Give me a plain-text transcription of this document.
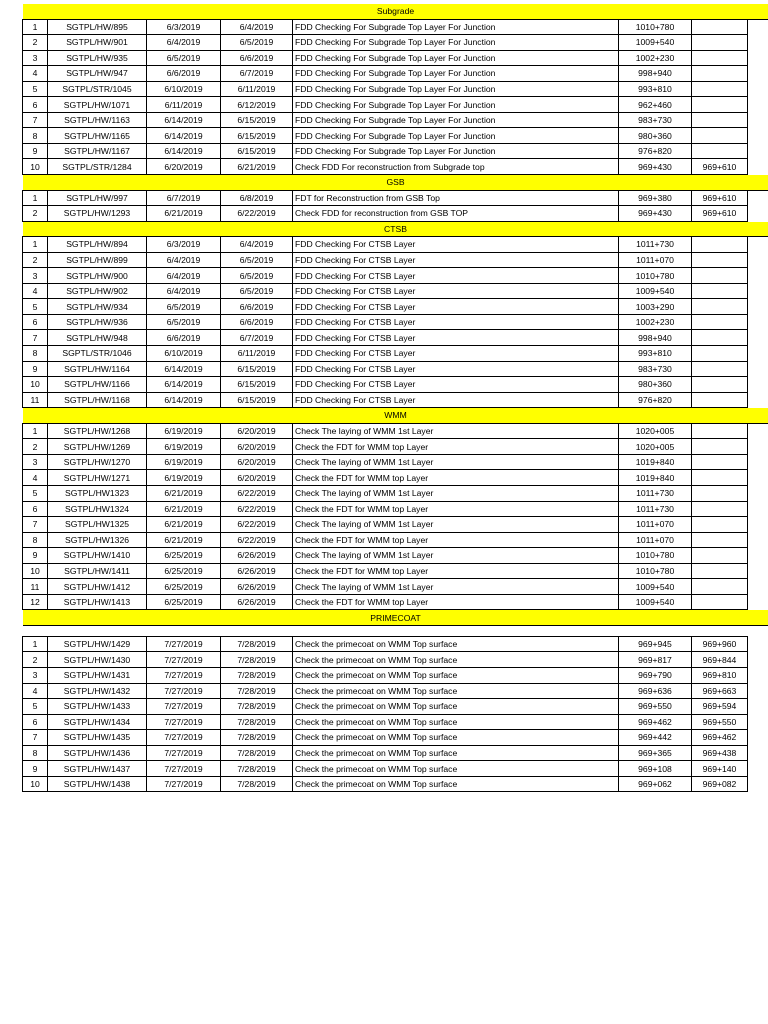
Subgrade							
1	SGTPL/HW/895	6/3/2019	6/4/2019	FDD Checking For Subgrade Top Layer For Junction	1010+780		
2	SGTPL/HW/901	6/4/2019	6/5/2019	FDD Checking For Subgrade Top Layer For Junction	1009+540		
3	SGTPL/HW/935	6/5/2019	6/6/2019	FDD Checking For Subgrade Top Layer For Junction	1002+230		
4	SGTPL/HW/947	6/6/2019	6/7/2019	FDD Checking For Subgrade Top Layer For Junction	998+940		
5	SGTPL/STR/1045	6/10/2019	6/11/2019	FDD Checking For Subgrade Top Layer For Junction	993+810		
6	SGTPL/HW/1071	6/11/2019	6/12/2019	FDD Checking For Subgrade Top Layer For Junction	962+460		
7	SGTPL/HW/1163	6/14/2019	6/15/2019	FDD Checking For Subgrade Top Layer For Junction	983+730		
8	SGTPL/HW/1165	6/14/2019	6/15/2019	FDD Checking For Subgrade Top Layer For Junction	980+360		
9	SGTPL/HW/1167	6/14/2019	6/15/2019	FDD Checking For Subgrade Top Layer For Junction	976+820		
10	SGTPL/STR/1284	6/20/2019	6/21/2019	Check FDD For reconstruction from Subgrade top	969+430	969+610	
GSB							
1	SGTPL/HW/997	6/7/2019	6/8/2019	FDT for Reconstruction from GSB Top	969+380	969+610	
2	SGTPL/HW/1293	6/21/2019	6/22/2019	Check FDD for reconstruction from GSB TOP	969+430	969+610	
CTSB							
1	SGTPL/HW/894	6/3/2019	6/4/2019	FDD Checking For CTSB Layer	1011+730		
2	SGTPL/HW/899	6/4/2019	6/5/2019	FDD Checking For CTSB Layer	1011+070		
3	SGTPL/HW/900	6/4/2019	6/5/2019	FDD Checking For CTSB Layer	1010+780		
4	SGTPL/HW/902	6/4/2019	6/5/2019	FDD Checking For CTSB Layer	1009+540		
5	SGTPL/HW/934	6/5/2019	6/6/2019	FDD Checking For CTSB Layer	1003+290		
6	SGTPL/HW/936	6/5/2019	6/6/2019	FDD Checking For CTSB Layer	1002+230		
7	SGTPL/HW/948	6/6/2019	6/7/2019	FDD Checking For CTSB Layer	998+940		
8	SGPTL/STR/1046	6/10/2019	6/11/2019	FDD Checking For CTSB Layer	993+810		
9	SGTPL/HW/1164	6/14/2019	6/15/2019	FDD Checking For CTSB Layer	983+730		
10	SGTPL/HW/1166	6/14/2019	6/15/2019	FDD Checking For CTSB Layer	980+360		
11	SGTPL/HW/1168	6/14/2019	6/15/2019	FDD Checking For CTSB Layer	976+820		
WMM							
1	SGTPL/HW/1268	6/19/2019	6/20/2019	Check The laying of WMM 1st Layer	1020+005		
2	SGTPL/HW/1269	6/19/2019	6/20/2019	Check the FDT for WMM top Layer	1020+005		
3	SGTPL/HW/1270	6/19/2019	6/20/2019	Check The laying of WMM 1st Layer	1019+840		
4	SGTPL/HW/1271	6/19/2019	6/20/2019	Check the FDT for WMM top Layer	1019+840		
5	SGTPL/HW1323	6/21/2019	6/22/2019	Check The laying of WMM 1st Layer	1011+730		
6	SGTPL/HW1324	6/21/2019	6/22/2019	Check the FDT for WMM top Layer	1011+730		
7	SGTPL/HW1325	6/21/2019	6/22/2019	Check The laying of WMM 1st Layer	1011+070		
8	SGTPL/HW1326	6/21/2019	6/22/2019	Check the FDT for WMM top Layer	1011+070		
9	SGTPL/HW/1410	6/25/2019	6/26/2019	Check The laying of WMM 1st Layer	1010+780		
10	SGTPL/HW/1411	6/25/2019	6/26/2019	Check the FDT for WMM top Layer	1010+780		
11	SGTPL/HW/1412	6/25/2019	6/26/2019	Check The laying of WMM 1st Layer	1009+540		
12	SGTPL/HW/1413	6/25/2019	6/26/2019	Check the FDT for WMM top Layer	1009+540		
PRIMECOAT							

1	SGTPL/HW/1429	7/27/2019	7/28/2019	Check the primecoat on WMM Top surface	969+945	969+960	
2	SGTPL/HW/1430	7/27/2019	7/28/2019	Check the primecoat on WMM Top surface	969+817	969+844	
3	SGTPL/HW/1431	7/27/2019	7/28/2019	Check the primecoat on WMM Top surface	969+790	969+810	
4	SGTPL/HW/1432	7/27/2019	7/28/2019	Check the primecoat on WMM Top surface	969+636	969+663	
5	SGTPL/HW/1433	7/27/2019	7/28/2019	Check the primecoat on WMM Top surface	969+550	969+594	
6	SGTPL/HW/1434	7/27/2019	7/28/2019	Check the primecoat on WMM Top surface	969+462	969+550	
7	SGTPL/HW/1435	7/27/2019	7/28/2019	Check the primecoat on WMM Top surface	969+442	969+462	
8	SGTPL/HW/1436	7/27/2019	7/28/2019	Check the primecoat on WMM Top surface	969+365	969+438	
9	SGTPL/HW/1437	7/27/2019	7/28/2019	Check the primecoat on WMM Top surface	969+108	969+140	
10	SGTPL/HW/1438	7/27/2019	7/28/2019	Check the primecoat on WMM Top surface	969+062	969+082	
